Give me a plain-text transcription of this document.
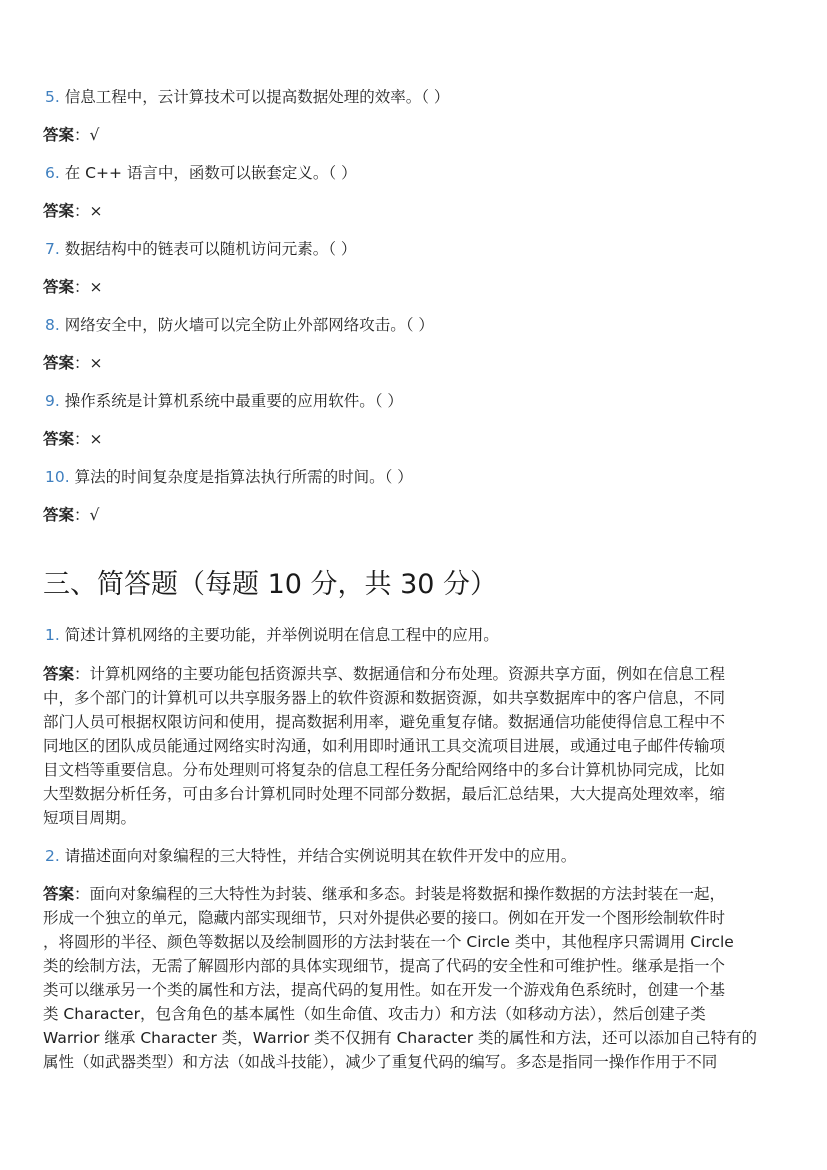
5. 信息工程中，云计算技术可以提高数据处理的效率。（ ）
答案：√
6. 在 C++ 语言中，函数可以嵌套定义。（ ）
答案：×
7. 数据结构中的链表可以随机访问元素。（ ）
答案：×
8. 网络安全中，防火墙可以完全防止外部网络攻击。（ ）
答案：×
9. 操作系统是计算机系统中最重要的应用软件。（ ）
答案：×
10. 算法的时间复杂度是指算法执行所需的时间。（ ）
答案：√
三、简答题（每题 10 分，共 30 分）
1. 简述计算机网络的主要功能，并举例说明在信息工程中的应用。
答案：计算机网络的主要功能包括资源共享、数据通信和分布处理。资源共享方面，例如在信息工程
中，多个部门的计算机可以共享服务器上的软件资源和数据资源，如共享数据库中的客户信息，不同
部门人员可根据权限访问和使用，提高数据利用率，避免重复存储。数据通信功能使得信息工程中不
同地区的团队成员能通过网络实时沟通，如利用即时通讯工具交流项目进展，或通过电子邮件传输项
目文档等重要信息。分布处理则可将复杂的信息工程任务分配给网络中的多台计算机协同完成，比如
大型数据分析任务，可由多台计算机同时处理不同部分数据，最后汇总结果，大大提高处理效率，缩
短项目周期。
2. 请描述面向对象编程的三大特性，并结合实例说明其在软件开发中的应用。
答案：面向对象编程的三大特性为封装、继承和多态。封装是将数据和操作数据的方法封装在一起，
形成一个独立的单元，隐藏内部实现细节，只对外提供必要的接口。例如在开发一个图形绘制软件时
，将圆形的半径、颜色等数据以及绘制圆形的方法封装在一个 Circle 类中，其他程序只需调用 Circle
类的绘制方法，无需了解圆形内部的具体实现细节，提高了代码的安全性和可维护性。继承是指一个
类可以继承另一个类的属性和方法，提高代码的复用性。如在开发一个游戏角色系统时，创建一个基
类 Character，包含角色的基本属性（如生命值、攻击力）和方法（如移动方法），然后创建子类
Warrior 继承 Character 类，Warrior 类不仅拥有 Character 类的属性和方法，还可以添加自己特有的
属性（如武器类型）和方法（如战斗技能），减少了重复代码的编写。多态是指同一操作作用于不同
